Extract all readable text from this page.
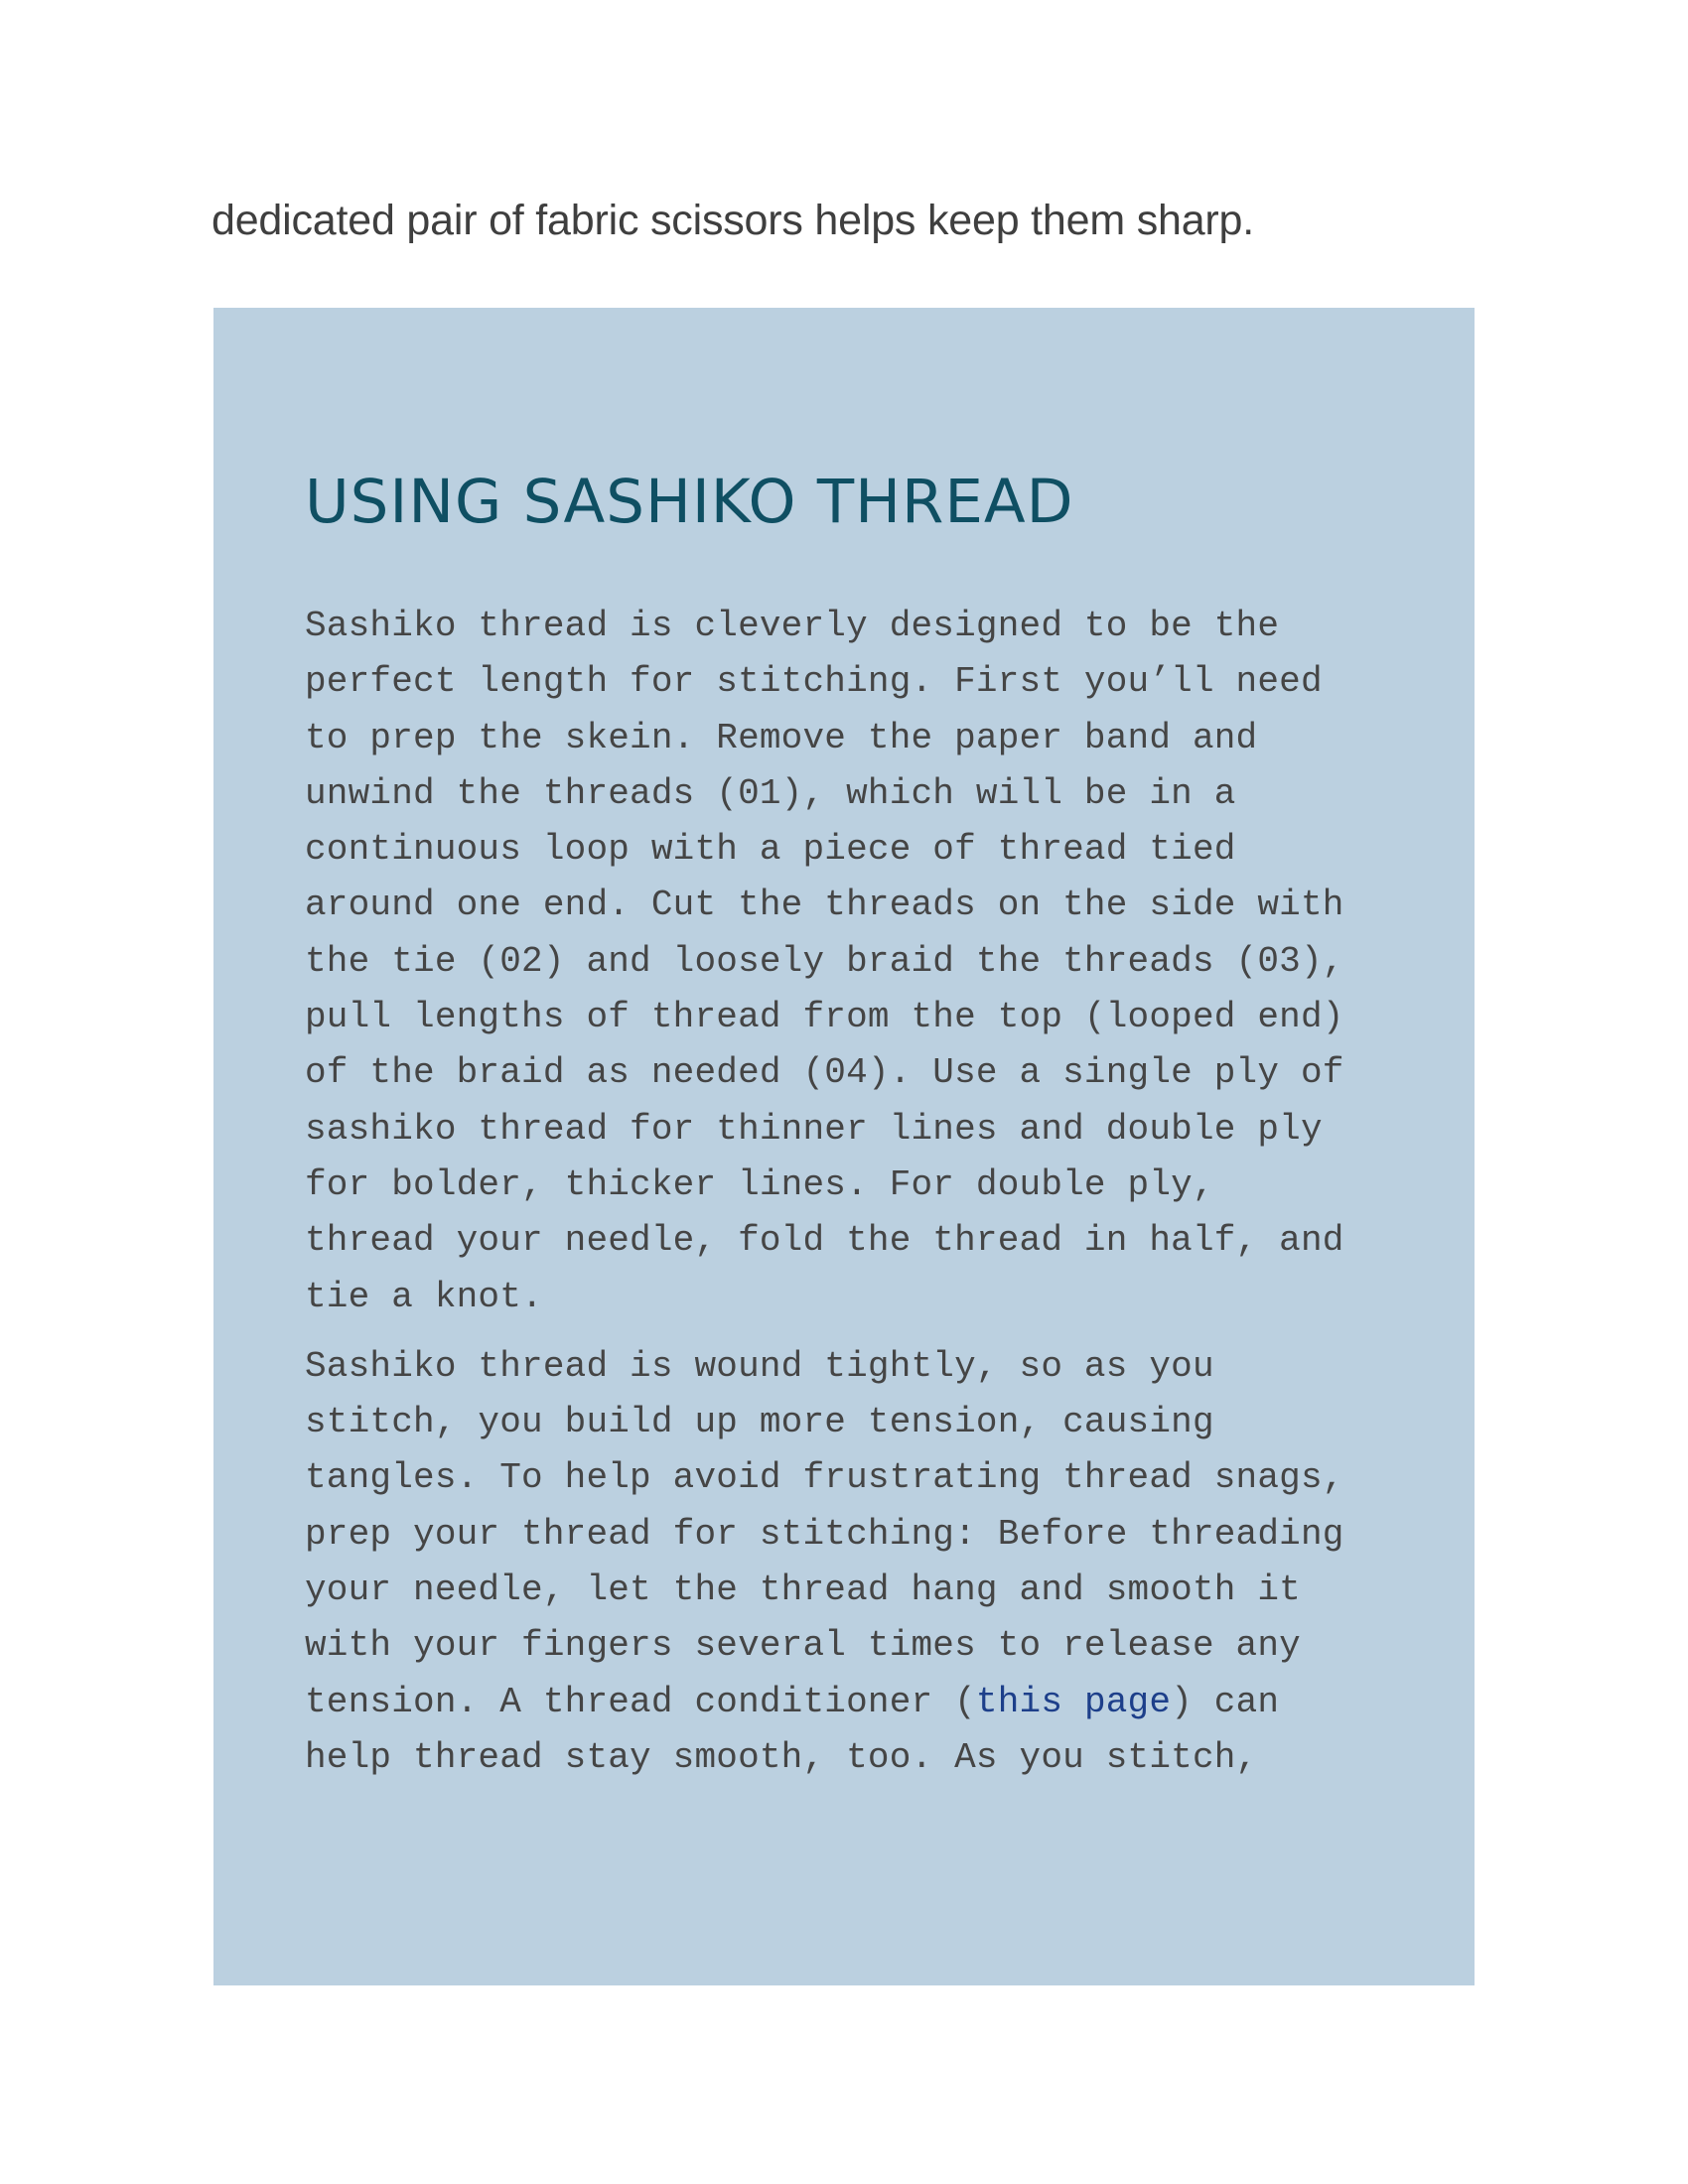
dedicated pair of fabric scissors helps keep them sharp.

USING SASHIKO THREAD

Sashiko thread is cleverly designed to be the
perfect length for stitching. First you’ll need
to prep the skein. Remove the paper band and
unwind the threads (01), which will be in a
continuous loop with a piece of thread tied
around one end. Cut the threads on the side with
the tie (02) and loosely braid the threads (03),
pull lengths of thread from the top (looped end)
of the braid as needed (04). Use a single ply of
sashiko thread for thinner lines and double ply
for bolder, thicker lines. For double ply,
thread your needle, fold the thread in half, and
tie a knot.

Sashiko thread is wound tightly, so as you
stitch, you build up more tension, causing
tangles. To help avoid frustrating thread snags,
prep your thread for stitching: Before threading
your needle, let the thread hang and smooth it
with your fingers several times to release any
tension. A thread conditioner (this page) can
help thread stay smooth, too. As you stitch,
